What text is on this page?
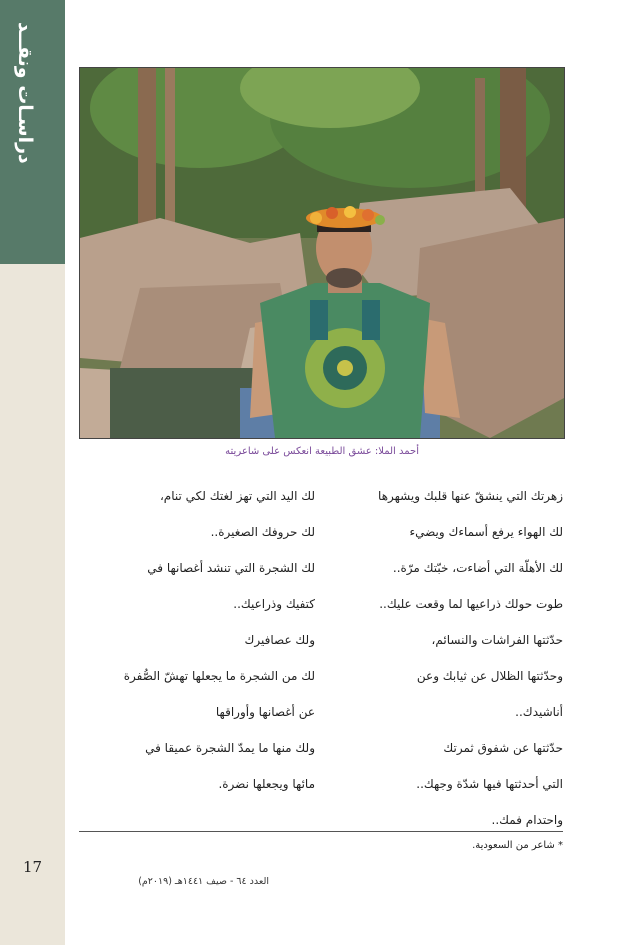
دراسـات ونقــد
17
أحمد الملا: عشق الطبيعة انعكس على شاعريته
زهرتك التي ينشقّ عنها قلبك ويشهرها
لك الهواء يرفع أسماءك ويضيء
لك الأهلّة التي أضاءت، خبّتك مرّة..
طوت حولك ذراعيها لما وقعت عليك..
حدّثتها الفراشات والنسائم،
وحدّثتها الظلال عن ثيابك وعن
أناشيدك..
حدّثتها عن شفوق ثمرتك
التي أحدثتها فيها شدّة وجهك..
واحتدام فمك..
لك اليد التي تهز لغتك لكي تنام،
لك حروفك الصغيرة..
لك الشجرة التي تنشد أغصانها في
كتفيك وذراعيك..
ولك عصافيرك
لك من الشجرة ما يجعلها تهشّ الصُّفرة
عن أغصانها وأوراقها
ولك منها ما يمدّ الشجرة عميقا في
مائها ويجعلها نضرة.
* شاعر من السعودية.
العدد ٦٤ - صيف ١٤٤١هـ (٢٠١٩م)
